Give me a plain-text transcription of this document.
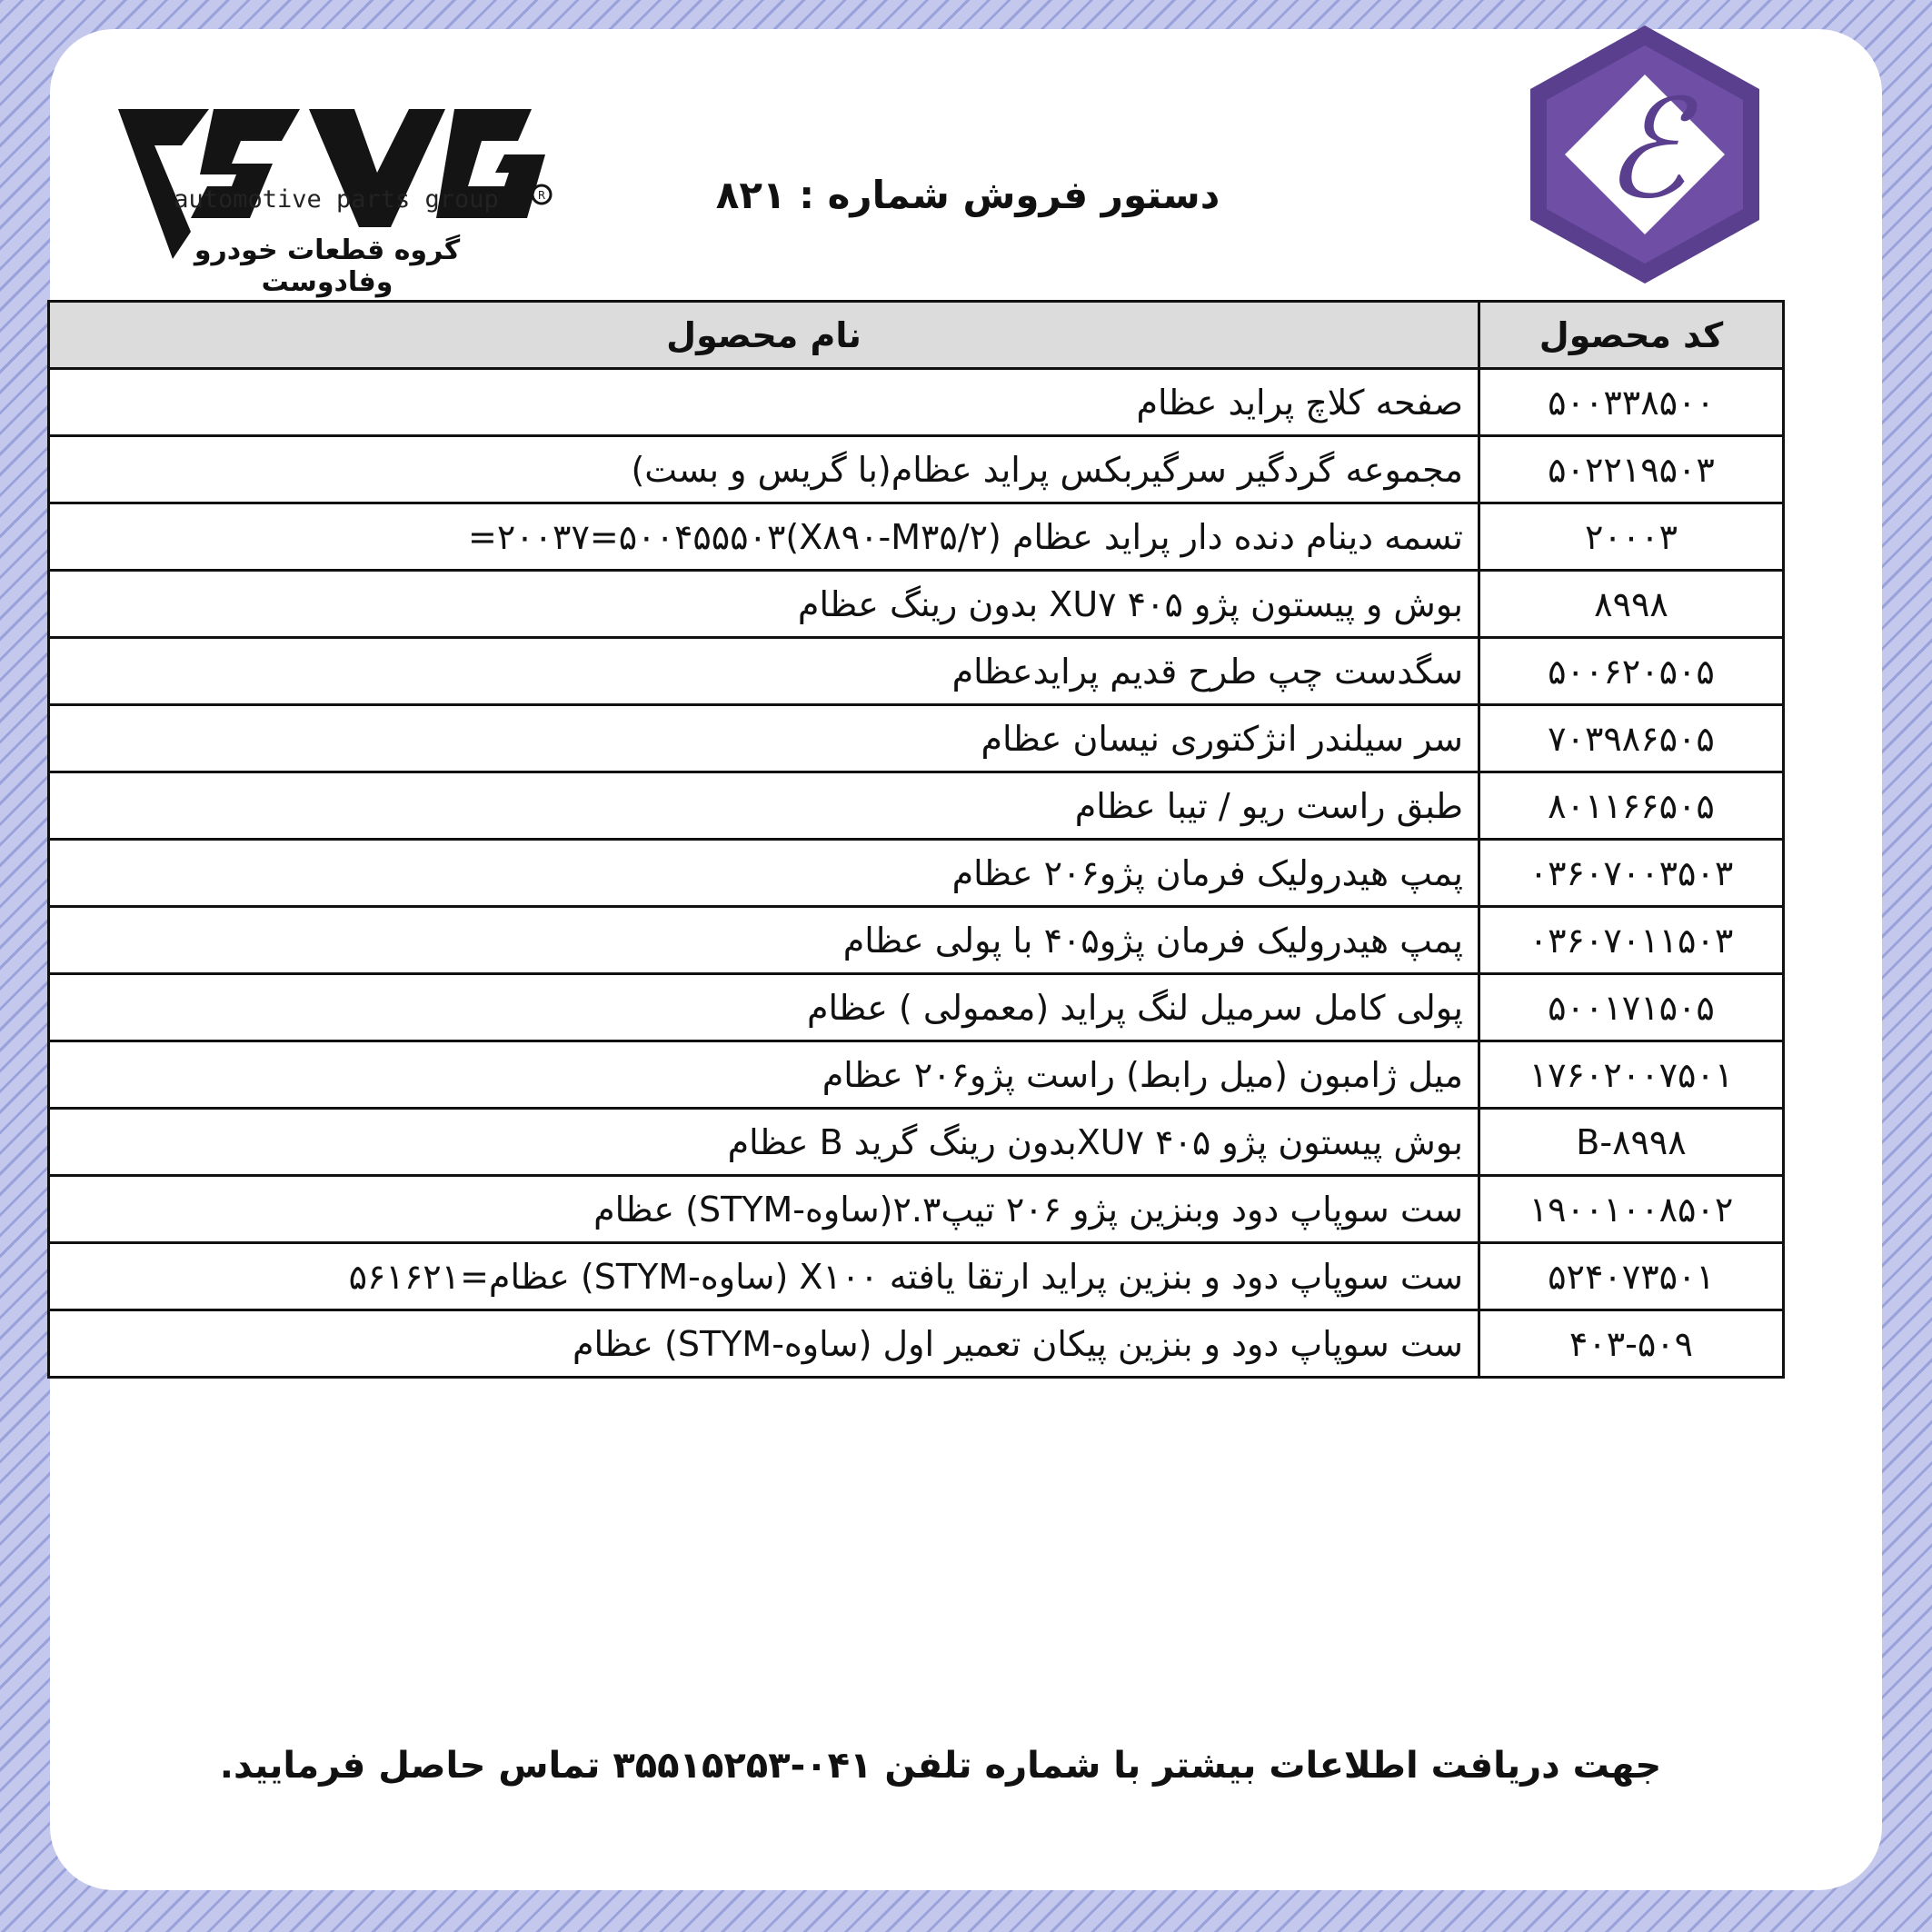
ℰ
R
automotive parts group
گروه قطعات خودرو وفادوست
دستور فروش شماره : ۸۲۱
کد محصول	نام محصول
۵۰۰۳۳۸۵۰۰	صفحه کلاچ پراید عظام
۵۰۲۲۱۹۵۰۳	مجموعه گردگیر سرگیربکس پراید عظام(با گریس و بست)
۲۰۰۰۳	تسمه دینام دنده دار پراید عظام (X۸۹۰-M۳۵/۲)۲۰۰۳۷=۵۰۰۴۵۵۵۰۳=
۸۹۹۸	بوش و پیستون پژو ۴۰۵ XU۷ بدون رینگ عظام
۵۰۰۶۲۰۵۰۵	سگدست چپ طرح قدیم پرایدعظام
۷۰۳۹۸۶۵۰۵	سر سیلندر انژکتوری نیسان عظام
۸۰۱۱۶۶۵۰۵	طبق راست ریو / تیبا عظام
۰۳۶۰۷۰۰۳۵۰۳	پمپ هیدرولیک فرمان پژو۲۰۶ عظام
۰۳۶۰۷۰۱۱۵۰۳	پمپ هیدرولیک فرمان پژو۴۰۵ با پولی عظام
۵۰۰۱۷۱۵۰۵	پولی کامل سرمیل لنگ پراید (معمولی ) عظام
۱۷۶۰۲۰۰۷۵۰۱	میل ژامبون (میل رابط) راست پژو۲۰۶ عظام
۸۹۹۸-B	بوش پیستون پژو ۴۰۵ XU۷بدون رینگ گرید B عظام
۱۹۰۰۱۰۰۸۵۰۲	ست سوپاپ دود وبنزین پژو ۲۰۶ تیپ۲.۳(ساوه-STYM) عظام
۵۲۴۰۷۳۵۰۱	ست سوپاپ دود و بنزین پراید ارتقا یافته X۱۰۰ (ساوه-STYM) عظام=۵۶۱۶۲۱
۴۰۳-۵۰۹	ست سوپاپ دود و بنزین پیکان تعمیر اول (ساوه-STYM) عظام
جهت دریافت اطلاعات بیشتر با شماره تلفن ۰۴۱-۳۵۵۱۵۲۵۳ تماس حاصل فرمایید.
